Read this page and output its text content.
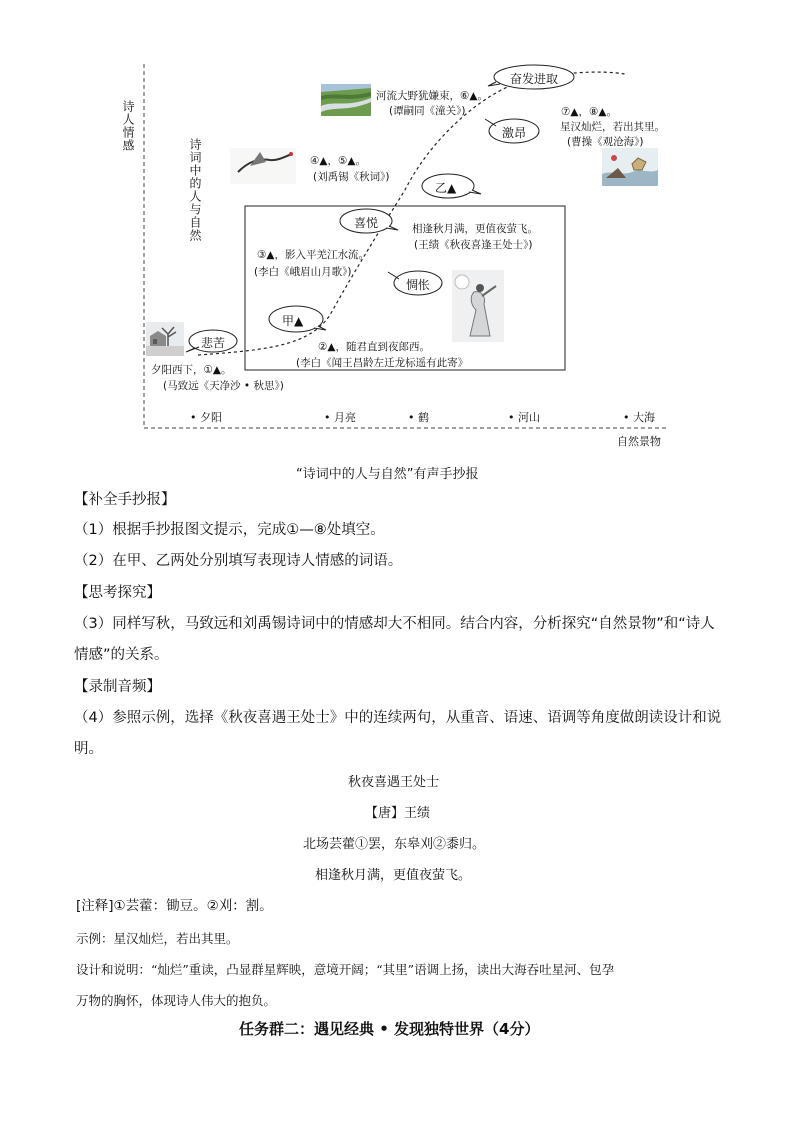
诗人情感
诗词中的人与自然
自然景物
• 夕阳	• 月亮	• 鹤	• 河山	• 大海
悲苦
甲▲
喜悦
惆怅
乙▲
激昂
奋发进取
夕阳西下，①▲。
(马致远《天净沙 • 秋思》)
②▲，随君直到夜郎西。
(李白《闻王昌龄左迁龙标遥有此寄》
③▲，影入平羌江水流。
(李白《峨眉山月歌》)
④▲，⑤▲。
(刘禹锡《秋词》)
相逢秋月满，更值夜萤飞。
(王绩《秋夜喜逢王处士》)
河流大野犹嫌束，⑥▲。
(谭嗣同《潼关》)	⑦▲，⑧▲。
星汉灿烂，若出其里。
(曹操《观沧海》)
“诗词中的人与自然”有声手抄报
【补全手抄报】
（1）根据手抄报图文提示，完成①—⑧处填空。
（2）在甲、乙两处分别填写表现诗人情感的词语。
【思考探究】
（3）同样写秋，马致远和刘禹锡诗词中的情感却大不相同。结合内容，分析探究“自然景物”和“诗人
情感”的关系。
【录制音频】
（4）参照示例，选择《秋夜喜遇王处士》中的连续两句，从重音、语速、语调等角度做朗读设计和说
明。
秋夜喜遇王处士
【唐】王绩
北场芸藿①罢，东皋刈②黍归。
相逢秋月满，更值夜萤飞。
[注释]①芸藿：锄豆。②刈：割。
示例：星汉灿烂，若出其里。
设计和说明：“灿烂”重读，凸显群星辉映，意境开阔；“其里”语调上扬，读出大海吞吐星河、包孕
万物的胸怀，体现诗人伟大的抱负。
任务群二：遇见经典 • 发现独特世界（4分）
